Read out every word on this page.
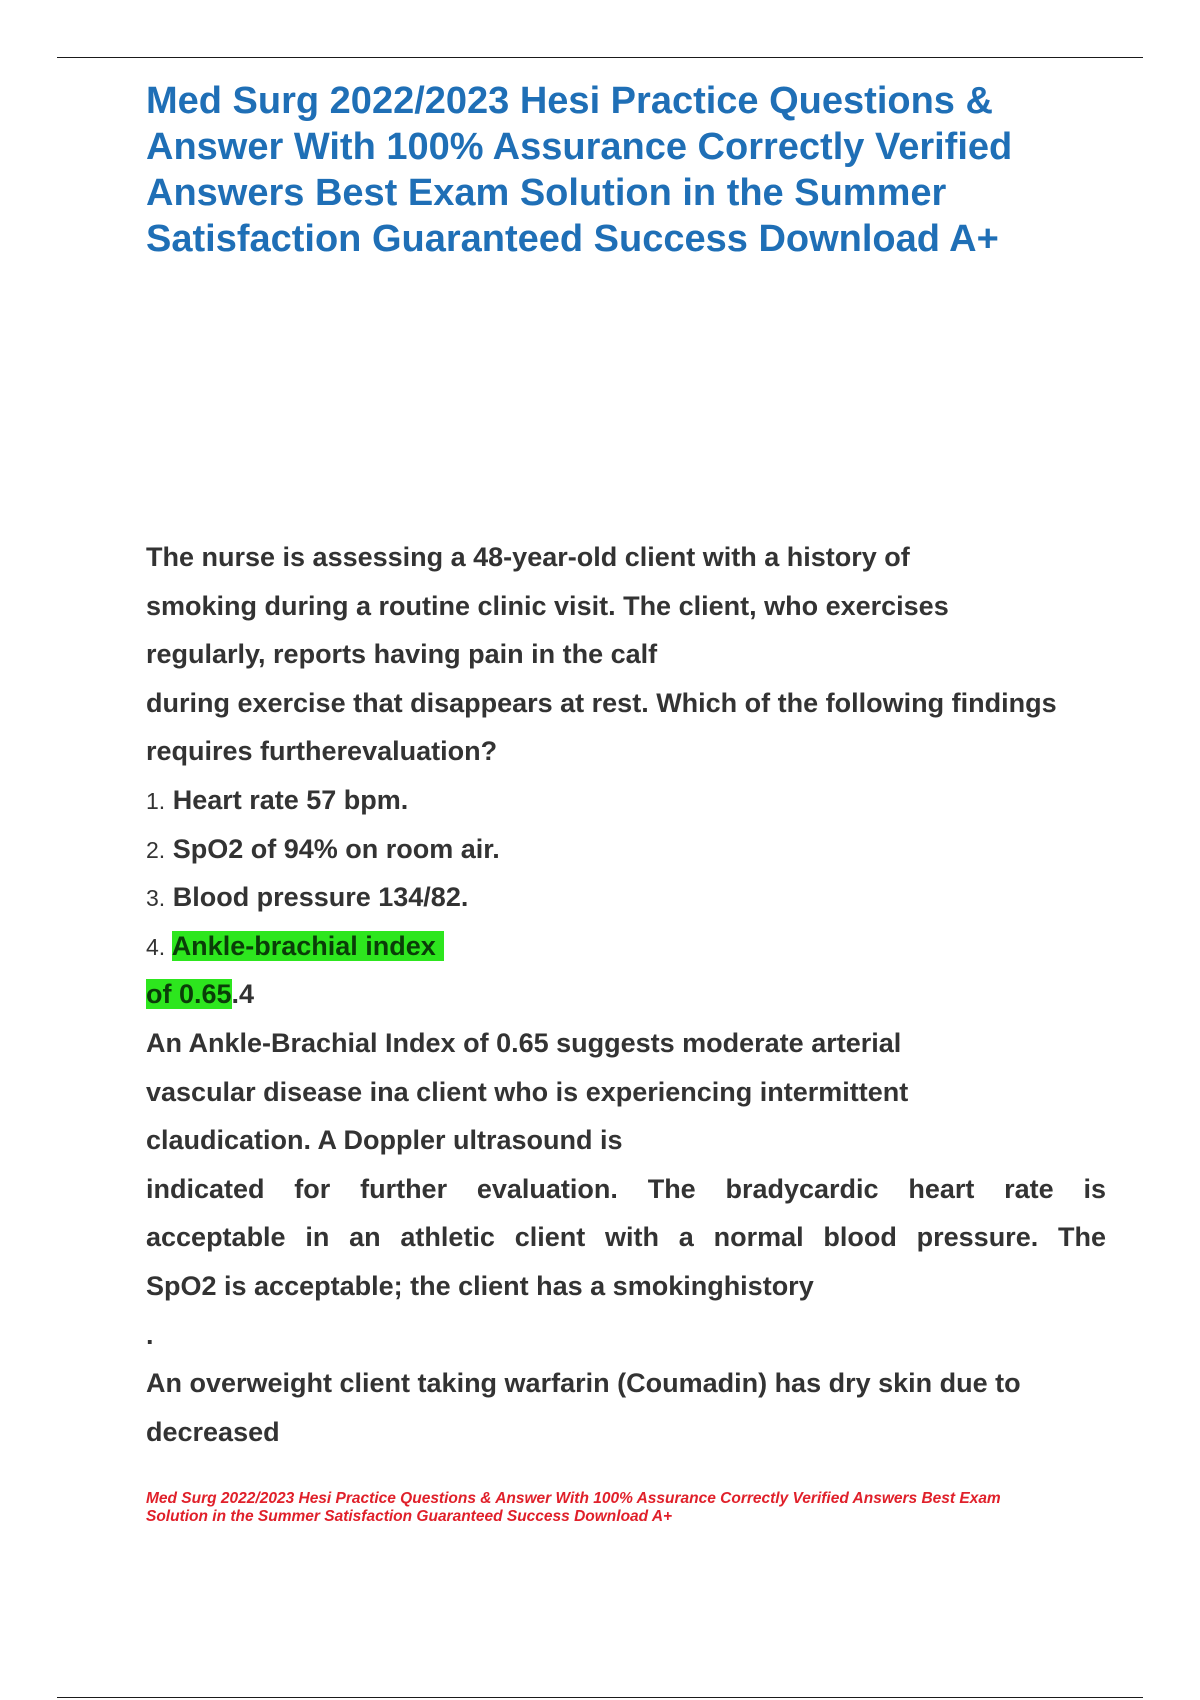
Med Surg 2022/2023 Hesi Practice Questions & Answer With 100% Assurance Correctly Verified Answers Best Exam Solution in the Summer Satisfaction Guaranteed Success Download A+
The nurse is assessing a 48-year-old client with a history of
smoking during a routine clinic visit. The client, who exercises
regularly, reports having pain in the calf
during exercise that disappears at rest. Which of the following findings
requires furtherevaluation?
1. Heart rate 57 bpm.
2. SpO2 of 94% on room air.
3. Blood pressure 134/82.
4. Ankle-brachial index
of 0.65.4
An Ankle-Brachial Index of 0.65 suggests moderate arterial
vascular disease ina client who is experiencing intermittent
claudication. A Doppler ultrasound is
indicated for further evaluation. The bradycardic heart rate is
acceptable in an athletic client with a normal blood pressure. The
SpO2 is acceptable; the client has a smokinghistory
.
An overweight client taking warfarin (Coumadin) has dry skin due to
decreased
Med Surg 2022/2023 Hesi Practice Questions & Answer With 100% Assurance Correctly Verified Answers Best Exam Solution in the Summer Satisfaction Guaranteed Success Download A+
